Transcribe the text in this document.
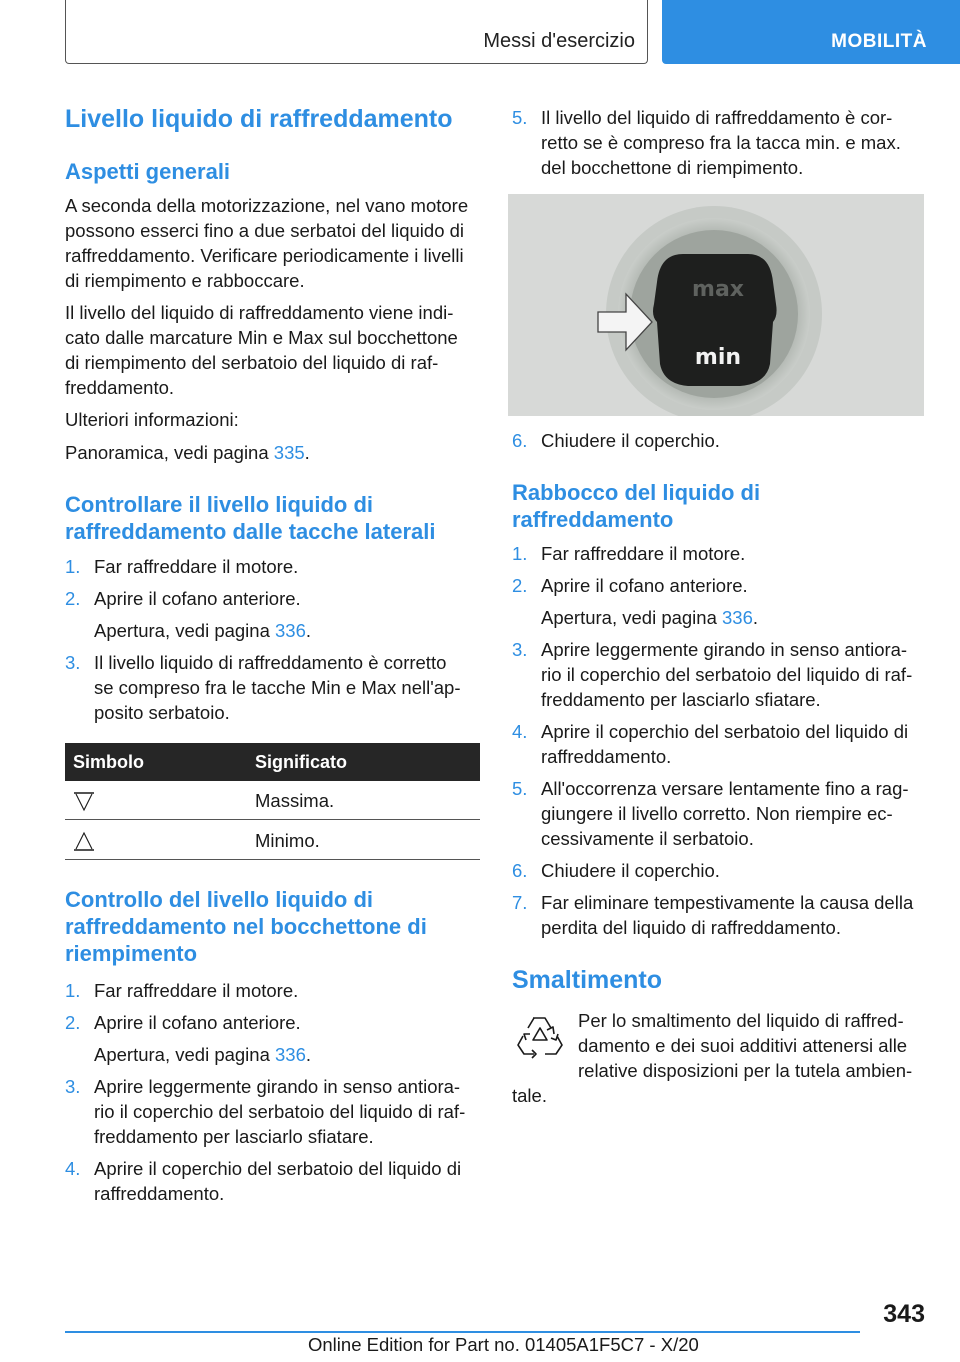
Messi d'esercizio	MOBILITÀ
Livello liquido di raffreddamento
Aspetti generali

A seconda della motorizzazione, nel vano motore

possono esserci fino a due serbatoi del liquido di

raffreddamento. Verificare periodicamente i livelli

di riempimento e rabboccare.

Il livello del liquido di raffreddamento viene indi-

cato dalle marcature Min e Max sul bocchettone

di riempimento del serbatoio del liquido di raf-

freddamento.

Ulteriori informazioni:

Panoramica, vedi pagina 335.

Controllare il livello liquido di
raffreddamento dalle tacche laterali
1. Far raffreddare il motore.
2. Aprire il cofano anteriore.
Apertura, vedi pagina 336.
3. Il livello liquido di raffreddamento è corretto
se compreso fra le tacche Min e Max nell'ap-
posito serbatoio.
Controllo del livello liquido di
raffreddamento nel bocchettone di
riempimento
1. Far raffreddare il motore.
2. Aprire il cofano anteriore.
Apertura, vedi pagina 336.
3. Aprire leggermente girando in senso antiora-
rio il coperchio del serbatoio del liquido di raf-
freddamento per lasciarlo sfiatare.
4. Aprire il coperchio del serbatoio del liquido di
raffreddamento.
Simbolo	Significato
Massima.
Minimo.
5. Il livello del liquido di raffreddamento è cor-
retto se è compreso fra la tacca min. e max.
del bocchettone di riempimento.
max
min
6. Chiudere il coperchio.
Rabbocco del liquido di
raffreddamento
1. Far raffreddare il motore.
2. Aprire il cofano anteriore.
Apertura, vedi pagina 336.
3. Aprire leggermente girando in senso antiora-
rio il coperchio del serbatoio del liquido di raf-
freddamento per lasciarlo sfiatare.
4. Aprire il coperchio del serbatoio del liquido di
raffreddamento.
5. All'occorrenza versare lentamente fino a rag-
giungere il livello corretto. Non riempire ec-
cessivamente il serbatoio.
6. Chiudere il coperchio.
7. Far eliminare tempestivamente la causa della
perdita del liquido di raffreddamento.
Smaltimento

Per lo smaltimento del liquido di raffred-

damento e dei suoi additivi attenersi alle

relative disposizioni per la tutela ambien-

tale.

343
Online Edition for Part no. 01405A1F5C7 - X/20
